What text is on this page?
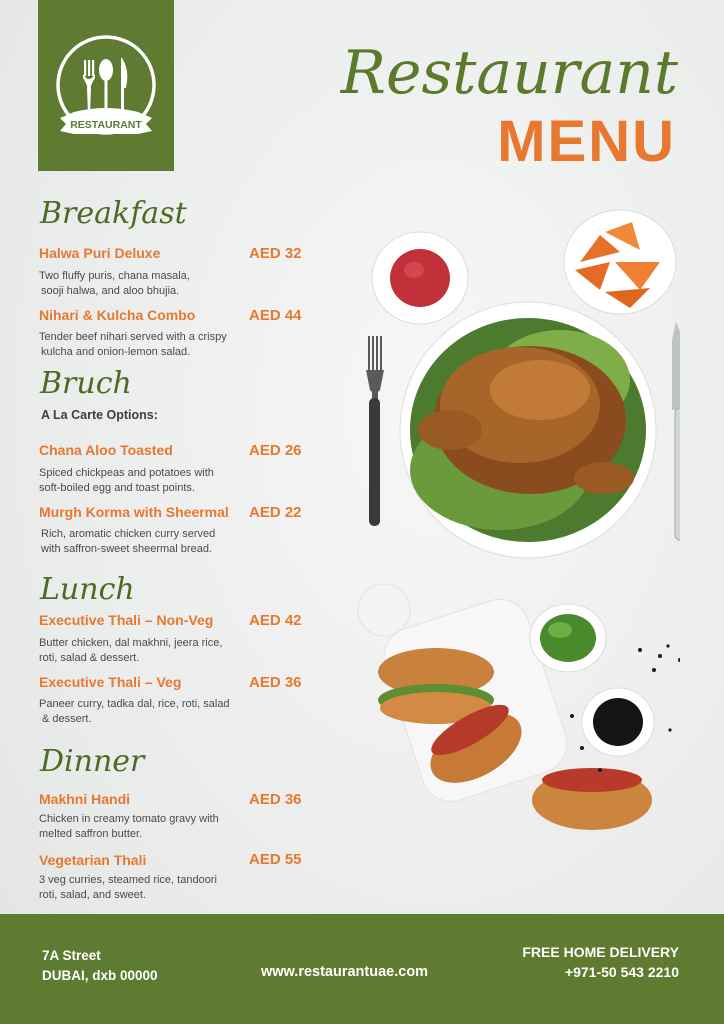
RESTAURANT
Restaurant
MENU
Breakfast
Halwa Puri Deluxe	AED 32
Two fluffy puris, chana masala,
sooji halwa, and aloo bhujia.
Nihari & Kulcha Combo	AED 44
Tender beef nihari served with a crispy
kulcha and onion-lemon salad.
Bruch
A La Carte Options:
Chana Aloo Toasted	AED 26
Spiced chickpeas and potatoes with
soft-boiled egg and toast points.
Murgh Korma with Sheermal AED 22
Rich, aromatic chicken curry served
with saffron-sweet sheermal bread.
Lunch
Executive Thali – Non-Veg AED 42
Butter chicken, dal makhni, jeera rice,
roti, salad & dessert.
Executive Thali – Veg	AED 36
Paneer curry, tadka dal, rice, roti, salad
& dessert.
Dinner
Makhni Handi	AED 36
Chicken in creamy tomato gravy with
melted saffron butter.
Vegetarian Thali	AED 55
3 veg curries, steamed rice, tandoori
roti, salad, and sweet.
7A Street
DUBAI, dxb 00000	www.restaurantuae.com
FREE HOME DELIVERY
+971-50 543 2210
